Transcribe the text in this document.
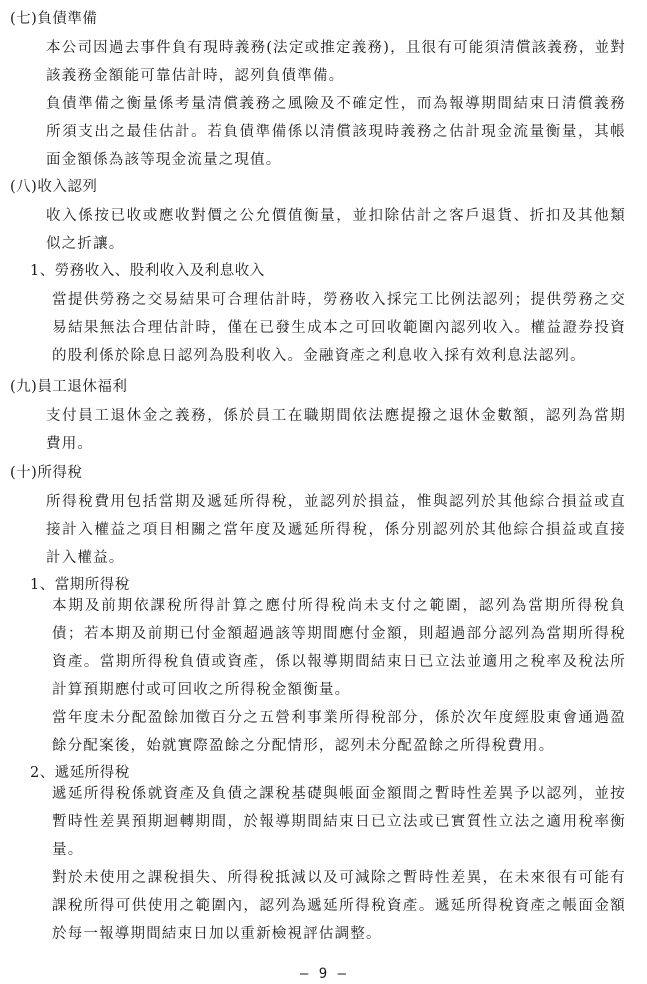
(七)負債準備

本公司因過去事件負有現時義務(法定或推定義務)，且很有可能須清償該義務，並對該義務金額能可靠估計時，認列負債準備。

負債準備之衡量係考量清償義務之風險及不確定性，而為報導期間結束日清償義務所須支出之最佳估計。若負債準備係以清償該現時義務之估計現金流量衡量，其帳面金額係為該等現金流量之現值。

(八)收入認列

收入係按已收或應收對價之公允價值衡量，並扣除估計之客戶退貨、折扣及其他類似之折讓。

1、勞務收入、股利收入及利息收入

當提供勞務之交易結果可合理估計時，勞務收入採完工比例法認列；提供勞務之交易結果無法合理估計時，僅在已發生成本之可回收範圍內認列收入。權益證券投資的股利係於除息日認列為股利收入。金融資產之利息收入採有效利息法認列。

(九)員工退休福利

支付員工退休金之義務，係於員工在職期間依法應提撥之退休金數額，認列為當期費用。

(十)所得稅

所得稅費用包括當期及遞延所得稅，並認列於損益，惟與認列於其他綜合損益或直接計入權益之項目相關之當年度及遞延所得稅，係分別認列於其他綜合損益或直接計入權益。

1、當期所得稅

本期及前期依課稅所得計算之應付所得稅尚未支付之範圍，認列為當期所得稅負債；若本期及前期已付金額超過該等期間應付金額，則超過部分認列為當期所得稅資產。當期所得稅負債或資產，係以報導期間結束日已立法並適用之稅率及稅法所計算預期應付或可回收之所得稅金額衡量。

當年度未分配盈餘加徵百分之五營利事業所得稅部分，係於次年度經股東會通過盈餘分配案後，始就實際盈餘之分配情形，認列未分配盈餘之所得稅費用。

2、遞延所得稅

遞延所得稅係就資產及負債之課稅基礎與帳面金額間之暫時性差異予以認列，並按暫時性差異預期迴轉期間，於報導期間結束日已立法或已實質性立法之適用稅率衡量。

對於未使用之課稅損失、所得稅抵減以及可減除之暫時性差異，在未來很有可能有課稅所得可供使用之範圍內，認列為遞延所得稅資產。遞延所得稅資產之帳面金額於每一報導期間結束日加以重新檢視評估調整。

— 9 —
